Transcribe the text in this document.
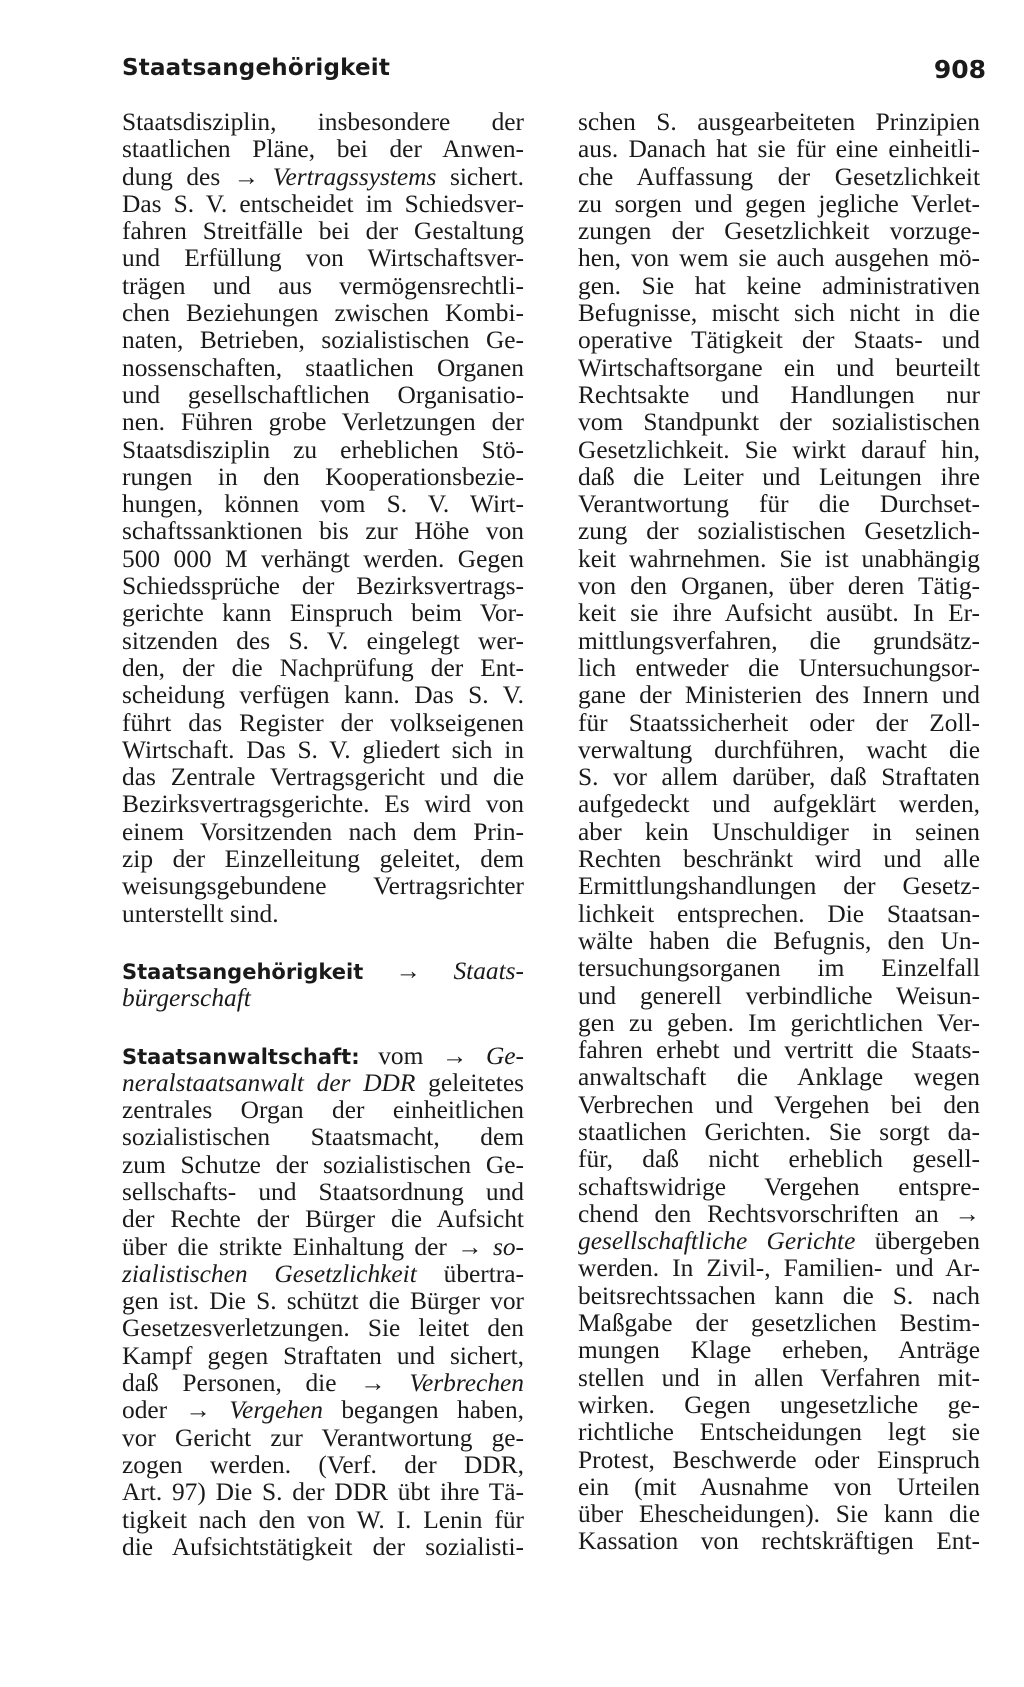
Staatsangehörigkeit	908
Staatsdisziplin, insbesondere der
staatlichen Pläne, bei der Anwen-
dung des → Vertragssystems sichert.
Das S. V. entscheidet im Schiedsver-
fahren Streitfälle bei der Gestaltung
und Erfüllung von Wirtschaftsver-
trägen und aus vermögensrechtli-
chen Beziehungen zwischen Kombi-
naten, Betrieben, sozialistischen Ge-
nossenschaften, staatlichen Organen
und gesellschaftlichen Organisatio-
nen. Führen grobe Verletzungen der
Staatsdisziplin zu erheblichen Stö-
rungen in den Kooperationsbezie-
hungen, können vom S. V. Wirt-
schaftssanktionen bis zur Höhe von
500 000 M verhängt werden. Gegen
Schiedssprüche der Bezirksvertrags-
gerichte kann Einspruch beim Vor-
sitzenden des S. V. eingelegt wer-
den, der die Nachprüfung der Ent-
scheidung verfügen kann. Das S. V.
führt das Register der volkseigenen
Wirtschaft. Das S. V. gliedert sich in
das Zentrale Vertragsgericht und die
Bezirksvertragsgerichte. Es wird von
einem Vorsitzenden nach dem Prin-
zip der Einzelleitung geleitet, dem
weisungsgebundene Vertragsrichter
unterstellt sind.
Staatsangehörigkeit → Staats-
bürgerschaft
Staatsanwaltschaft: vom → Ge-
neralstaatsanwalt der DDR geleitetes
zentrales Organ der einheitlichen
sozialistischen Staatsmacht, dem
zum Schutze der sozialistischen Ge-
sellschafts- und Staatsordnung und
der Rechte der Bürger die Aufsicht
über die strikte Einhaltung der → so-
zialistischen Gesetzlichkeit übertra-
gen ist. Die S. schützt die Bürger vor
Gesetzesverletzungen. Sie leitet den
Kampf gegen Straftaten und sichert,
daß Personen, die → Verbrechen
oder → Vergehen begangen haben,
vor Gericht zur Verantwortung ge-
zogen werden. (Verf. der DDR,
Art. 97) Die S. der DDR übt ihre Tä-
tigkeit nach den von W. I. Lenin für
die Aufsichtstätigkeit der sozialisti-
schen S. ausgearbeiteten Prinzipien
aus. Danach hat sie für eine einheitli-
che Auffassung der Gesetzlichkeit
zu sorgen und gegen jegliche Verlet-
zungen der Gesetzlichkeit vorzuge-
hen, von wem sie auch ausgehen mö-
gen. Sie hat keine administrativen
Befugnisse, mischt sich nicht in die
operative Tätigkeit der Staats- und
Wirtschaftsorgane ein und beurteilt
Rechtsakte und Handlungen nur
vom Standpunkt der sozialistischen
Gesetzlichkeit. Sie wirkt darauf hin,
daß die Leiter und Leitungen ihre
Verantwortung für die Durchset-
zung der sozialistischen Gesetzlich-
keit wahrnehmen. Sie ist unabhängig
von den Organen, über deren Tätig-
keit sie ihre Aufsicht ausübt. In Er-
mittlungsverfahren, die grundsätz-
lich entweder die Untersuchungsor-
gane der Ministerien des Innern und
für Staatssicherheit oder der Zoll-
verwaltung durchführen, wacht die
S. vor allem darüber, daß Straftaten
aufgedeckt und aufgeklärt werden,
aber kein Unschuldiger in seinen
Rechten beschränkt wird und alle
Ermittlungshandlungen der Gesetz-
lichkeit entsprechen. Die Staatsan-
wälte haben die Befugnis, den Un-
tersuchungsorganen im Einzelfall
und generell verbindliche Weisun-
gen zu geben. Im gerichtlichen Ver-
fahren erhebt und vertritt die Staats-
anwaltschaft die Anklage wegen
Verbrechen und Vergehen bei den
staatlichen Gerichten. Sie sorgt da-
für, daß nicht erheblich gesell-
schaftswidrige Vergehen entspre-
chend den Rechtsvorschriften an →
gesellschaftliche Gerichte übergeben
werden. In Zivil-, Familien- und Ar-
beitsrechtssachen kann die S. nach
Maßgabe der gesetzlichen Bestim-
mungen Klage erheben, Anträge
stellen und in allen Verfahren mit-
wirken. Gegen ungesetzliche ge-
richtliche Entscheidungen legt sie
Protest, Beschwerde oder Einspruch
ein (mit Ausnahme von Urteilen
über Ehescheidungen). Sie kann die
Kassation von rechtskräftigen Ent-
